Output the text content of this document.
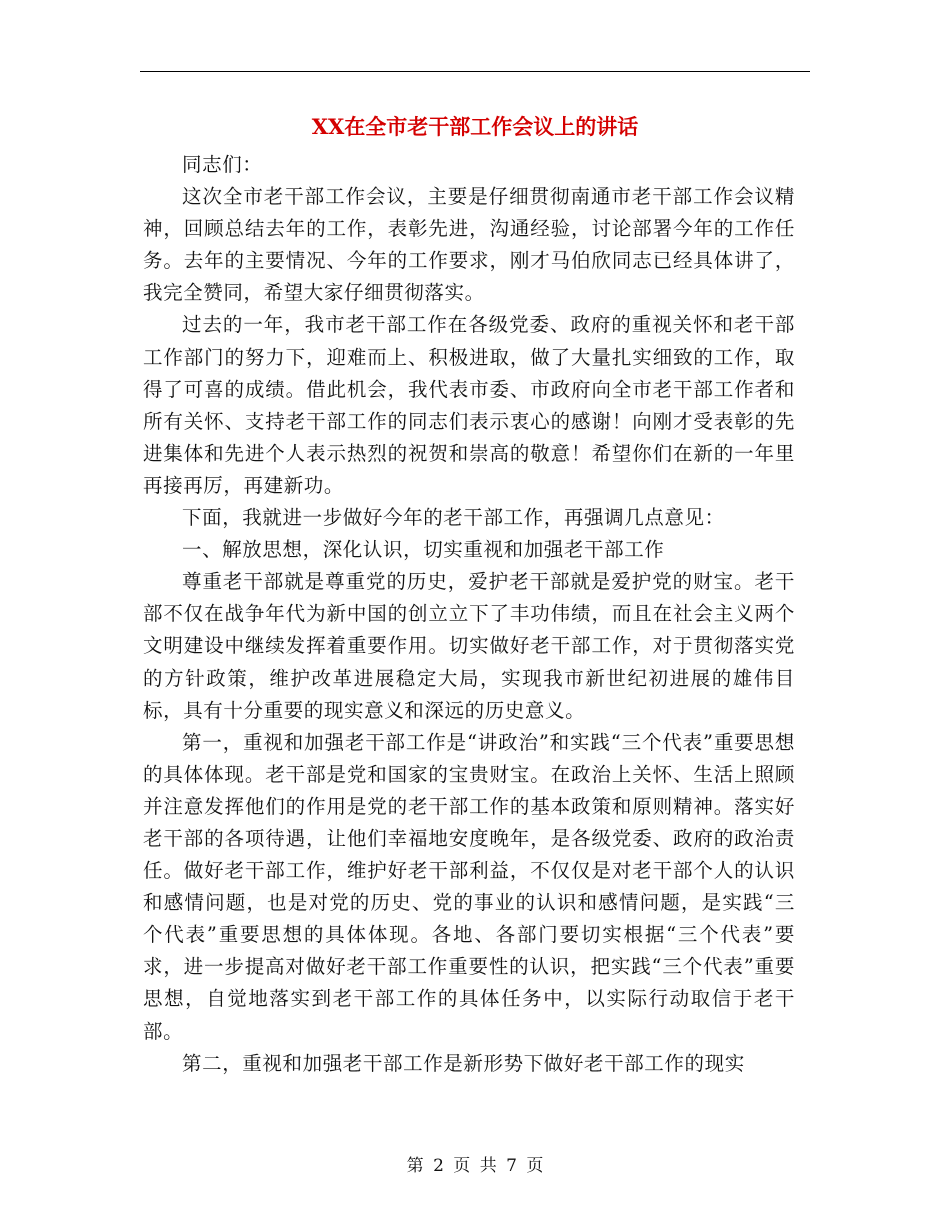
XX在全市老干部工作会议上的讲话

同志们：

这次全市老干部工作会议，主要是仔细贯彻南通市老干部工作会议精神，回顾总结去年的工作，表彰先进，沟通经验，讨论部署今年的工作任务。去年的主要情况、今年的工作要求，刚才马伯欣同志已经具体讲了，我完全赞同，希望大家仔细贯彻落实。

过去的一年，我市老干部工作在各级党委、政府的重视关怀和老干部工作部门的努力下，迎难而上、积极进取，做了大量扎实细致的工作，取得了可喜的成绩。借此机会，我代表市委、市政府向全市老干部工作者和所有关怀、支持老干部工作的同志们表示衷心的感谢！向刚才受表彰的先进集体和先进个人表示热烈的祝贺和崇高的敬意！希望你们在新的一年里再接再厉，再建新功。

下面，我就进一步做好今年的老干部工作，再强调几点意见：

一、解放思想，深化认识，切实重视和加强老干部工作

尊重老干部就是尊重党的历史，爱护老干部就是爱护党的财宝。老干部不仅在战争年代为新中国的创立立下了丰功伟绩，而且在社会主义两个文明建设中继续发挥着重要作用。切实做好老干部工作，对于贯彻落实党的方针政策，维护改革进展稳定大局，实现我市新世纪初进展的雄伟目标，具有十分重要的现实意义和深远的历史意义。

第一，重视和加强老干部工作是“讲政治”和实践“三个代表”重要思想的具体体现。老干部是党和国家的宝贵财宝。在政治上关怀、生活上照顾并注意发挥他们的作用是党的老干部工作的基本政策和原则精神。落实好老干部的各项待遇，让他们幸福地安度晚年，是各级党委、政府的政治责任。做好老干部工作，维护好老干部利益，不仅仅是对老干部个人的认识和感情问题，也是对党的历史、党的事业的认识和感情问题，是实践“三个代表”重要思想的具体体现。各地、各部门要切实根据“三个代表”要求，进一步提高对做好老干部工作重要性的认识，把实践“三个代表”重要思想，自觉地落实到老干部工作的具体任务中，以实际行动取信于老干部。

第二，重视和加强老干部工作是新形势下做好老干部工作的现实

第 2 页 共 7 页
